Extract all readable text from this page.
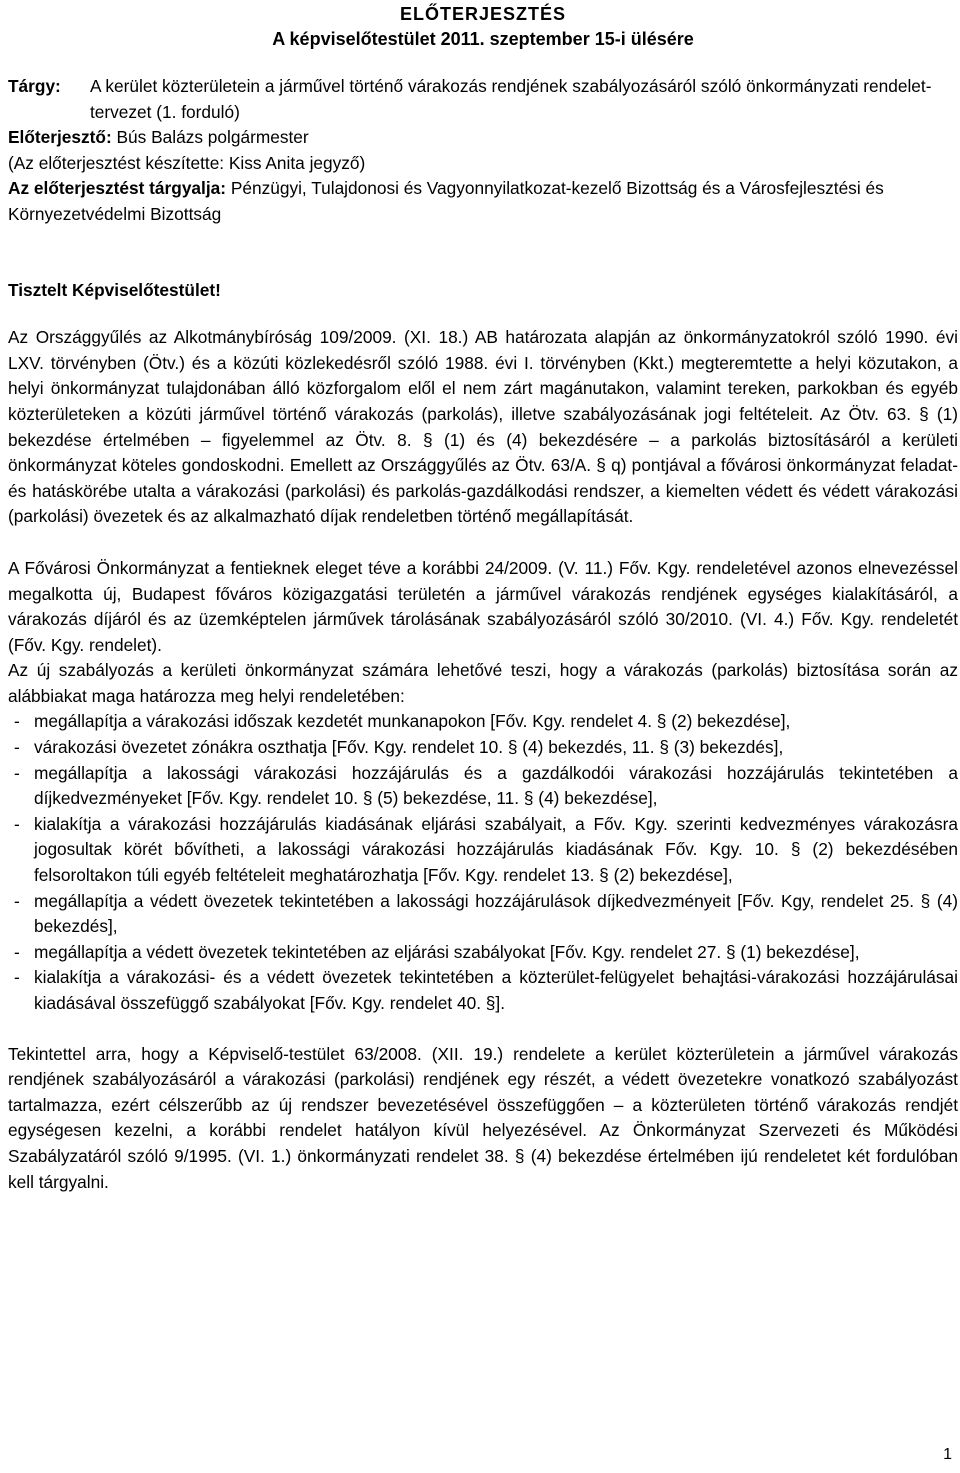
ELŐTERJESZTÉS
A képviselőtestület 2011. szeptember 15-i ülésére
Tárgy:	A kerület közterületein a járművel történő várakozás rendjének szabályozásáról szóló önkormányzati rendelet-tervezet (1. forduló)
Előterjesztő: Bús Balázs polgármester
(Az előterjesztést készítette: Kiss Anita jegyző)
Az előterjesztést tárgyalja: Pénzügyi, Tulajdonosi és Vagyonnyilatkozat-kezelő Bizottság és a Városfejlesztési és Környezetvédelmi Bizottság
Tisztelt Képviselőtestület!
Az Országgyűlés az Alkotmánybíróság 109/2009. (XI. 18.) AB határozata alapján az önkormányzatokról szóló 1990. évi LXV. törvényben (Ötv.) és a közúti közlekedésről szóló 1988. évi I. törvényben (Kkt.) megteremtette a helyi közutakon, a helyi önkormányzat tulajdonában álló közforgalom elől el nem zárt magánutakon, valamint tereken, parkokban és egyéb közterületeken a közúti járművel történő várakozás (parkolás), illetve szabályozásának jogi feltételeit. Az Ötv. 63. § (1) bekezdése értelmében – figyelemmel az Ötv. 8. § (1) és (4) bekezdésére – a parkolás biztosításáról a kerületi önkormányzat köteles gondoskodni. Emellett az Országgyűlés az Ötv. 63/A. § q) pontjával a fővárosi önkormányzat feladat- és hatáskörébe utalta a várakozási (parkolási) és parkolás-gazdálkodási rendszer, a kiemelten védett és védett várakozási (parkolási) övezetek és az alkalmazható díjak rendeletben történő megállapítását.
A Fővárosi Önkormányzat a fentieknek eleget téve a korábbi 24/2009. (V. 11.) Főv. Kgy. rendeletével azonos elnevezéssel megalkotta új, Budapest főváros közigazgatási területén a járművel várakozás rendjének egységes kialakításáról, a várakozás díjáról és az üzemképtelen járművek tárolásának szabályozásáról szóló 30/2010. (VI. 4.) Főv. Kgy. rendeletét (Főv. Kgy. rendelet).
Az új szabályozás a kerületi önkormányzat számára lehetővé teszi, hogy a várakozás (parkolás) biztosítása során az alábbiakat maga határozza meg helyi rendeletében:
- megállapítja a várakozási időszak kezdetét munkanapokon [Főv. Kgy. rendelet 4. § (2) bekezdése],
- várakozási övezetet zónákra oszthatja [Főv. Kgy. rendelet 10. § (4) bekezdés, 11. § (3) bekezdés],
- megállapítja a lakossági várakozási hozzájárulás és a gazdálkodói várakozási hozzájárulás tekintetében a díjkedvezményeket [Főv. Kgy. rendelet 10. § (5) bekezdése, 11. § (4) bekezdése],
- kialakítja a várakozási hozzájárulás kiadásának eljárási szabályait, a Főv. Kgy. szerinti kedvezményes várakozásra jogosultak körét bővítheti, a lakossági várakozási hozzájárulás kiadásának Főv. Kgy. 10. § (2) bekezdésében felsoroltakon túli egyéb feltételeit meghatározhatja [Főv. Kgy. rendelet 13. § (2) bekezdése],
- megállapítja a védett övezetek tekintetében a lakossági hozzájárulások díjkedvezményeit [Főv. Kgy, rendelet 25. § (4) bekezdés],
- megállapítja a védett övezetek tekintetében az eljárási szabályokat [Főv. Kgy. rendelet 27. § (1) bekezdése],
- kialakítja a várakozási- és a védett övezetek tekintetében a közterület-felügyelet behajtási-várakozási hozzájárulásai kiadásával összefüggő szabályokat [Főv. Kgy. rendelet 40. §].
Tekintettel arra, hogy a Képviselő-testület 63/2008. (XII. 19.) rendelete a kerület közterületein a járművel várakozás rendjének szabályozásáról a várakozási (parkolási) rendjének egy részét, a védett övezetekre vonatkozó szabályozást tartalmazza, ezért célszerűbb az új rendszer bevezetésével összefüggően – a közterületen történő várakozás rendjét egységesen kezelni, a korábbi rendelet hatályon kívül helyezésével. Az Önkormányzat Szervezeti és Működési Szabályzatáról szóló 9/1995. (VI. 1.) önkormányzati rendelet 38. § (4) bekezdése értelmében ijú rendeletet két fordulóban kell tárgyalni.
1
